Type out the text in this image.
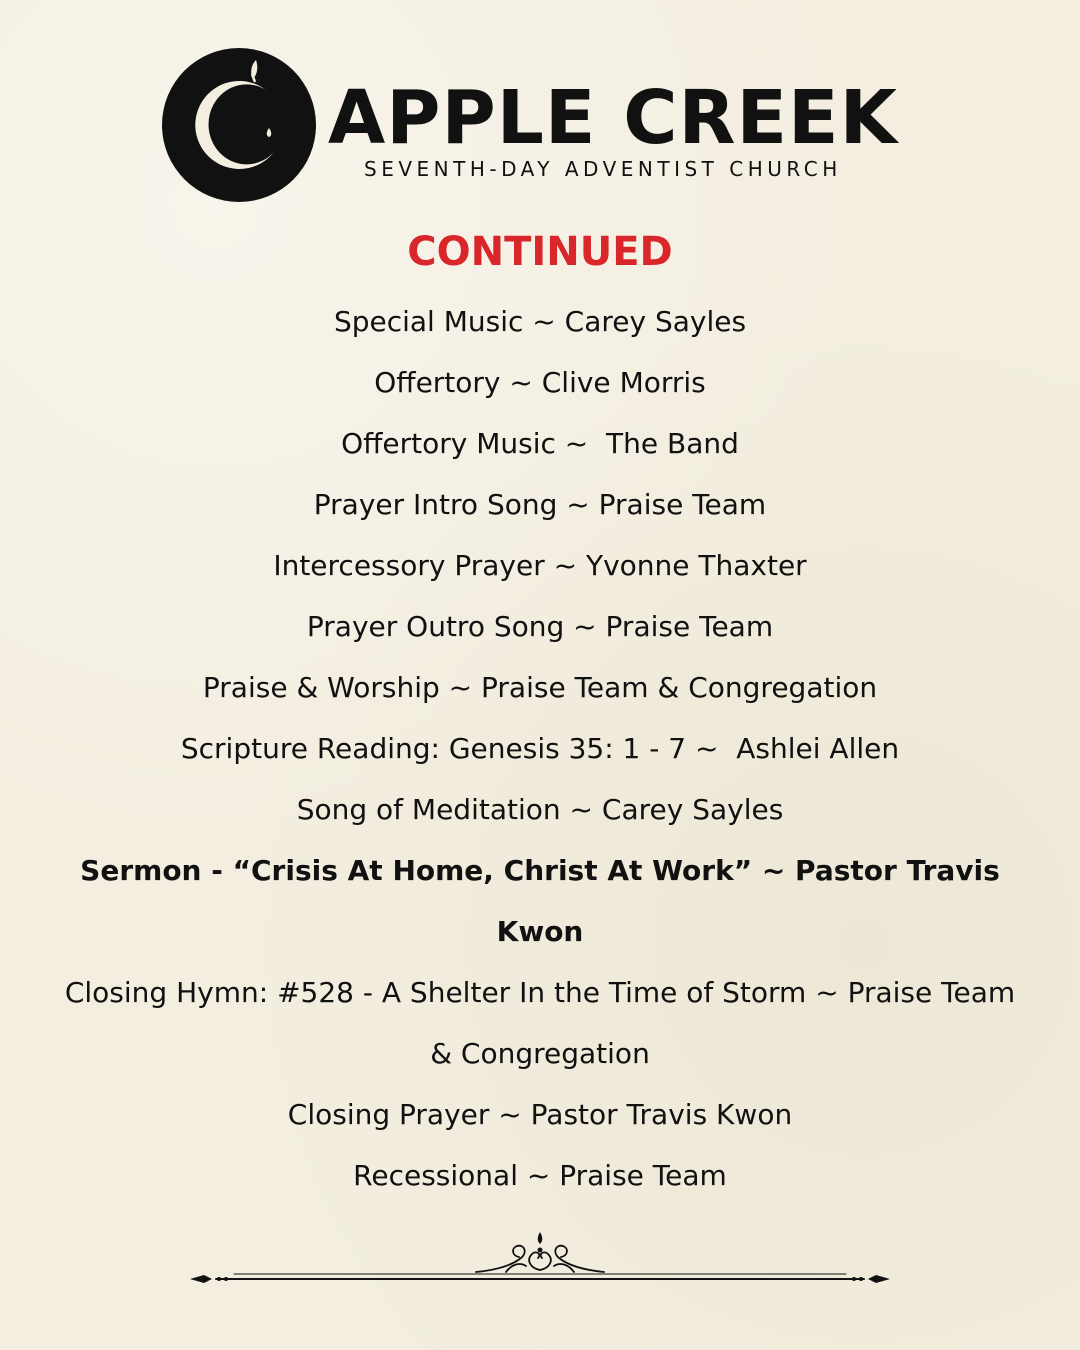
APPLE CREEK
SEVENTH-DAY ADVENTIST CHURCH
CONTINUED
Special Music ~ Carey Sayles
Offertory ~ Clive Morris
Offertory Music ~  The Band
Prayer Intro Song ~ Praise Team
Intercessory Prayer ~ Yvonne Thaxter
Prayer Outro Song ~ Praise Team
Praise & Worship ~ Praise Team & Congregation
Scripture Reading: Genesis 35: 1 - 7 ~  Ashlei Allen
Song of Meditation ~ Carey Sayles
Sermon - “Crisis At Home, Christ At Work” ~ Pastor Travis Kwon
Closing Hymn: #528 - A Shelter In the Time of Storm ~ Praise Team & Congregation
Closing Prayer ~ Pastor Travis Kwon
Recessional ~ Praise Team
